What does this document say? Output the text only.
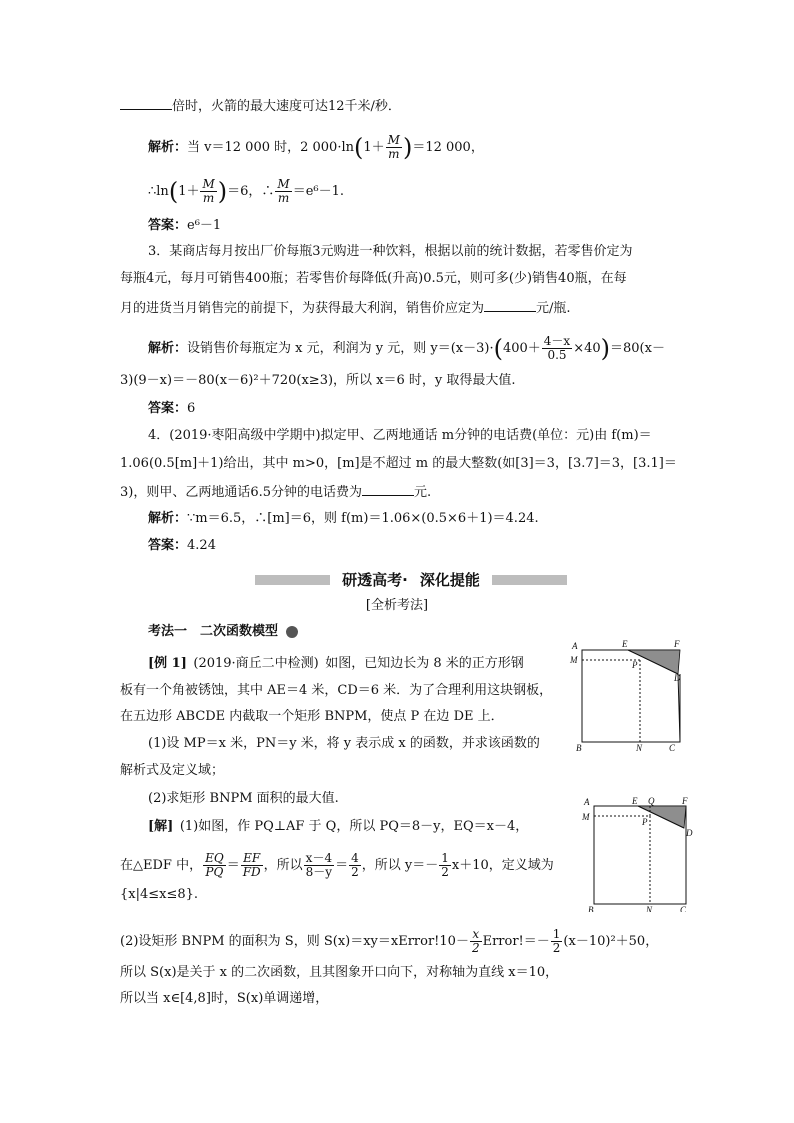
倍时，火箭的最大速度可达12千米/秒．
解析：当 v＝12 000 时，2 $000\cdot\ln(1+ \frac{M}{m} )=12$ 000，
∴ln(1＋ $\frac{M}{m} )=6$，∴ $\frac{M}{m} =e^6-1$.
答案：e⁶－1
3．某商店每月按出厂价每瓶3元购进一种饮料，根据以前的统计数据，若零售价定为
每瓶4元，每月可销售400瓶；若零售价每降低(升高)0.5元，则可多(少)销售40瓶，在每
月的进货当月销售完的前提下，为获得最大利润，销售价应定为	元/瓶.
解析：设销售价每瓶定为 x 元，利润为 y 元，则 $y=(x-3)\cdot(400+ \frac{4-x}{0.5} \times 40)=80(x-$
3)(9－x)＝－80(x－6)²＋720(x≥3)，所以 x＝6 时，y 取得最大值.
答案：6
4．(2019·枣阳高级中学期中)拟定甲、乙两地通话 m分钟的电话费(单位：元)由 f(m)＝
1.06(0.5[m]＋1)给出，其中 m>0，[m]是不超过 m 的最大整数(如[3]＝3，[3.7]＝3，[3.1]＝
3)，则甲、乙两地通话6.5分钟的电话费为	元.
解析：∵m＝6.5，∴[m]＝6，则 f(m)＝1.06×(0.5×6＋1)＝4.24.
答案：4.24
研透高考· 深化提能
[全析考法]
考法一  二次函数模型
[例 1]  (2019·商丘二中检测)  如图，已知边长为 8 米的正方形钢
板有一个角被锈蚀，其中 AE＝4 米，CD＝6 米．为了合理利用这块钢板，
在五边形 ABCDE 内截取一个矩形 BNPM，使点 P 在边 DE 上．
(1)设 MP＝x 米，PN＝y 米，将 y 表示成 x 的函数，并求该函数的
解析式及定义域；
(2)求矩形 BNPM 面积的最大值.
[解]  (1)如图，作 PQ⊥AF 于 Q，所以 PQ＝8－y，EQ＝x－4，
在△EDF 中， $\frac{EQ}{PQ} = \frac{EF}{FD}$ ，所以 $\frac{x-4}{8-y} = \frac{4}{2}$ ，所以 $y=- \frac{1}{2} x+10$，定义域为
{x|4≤x≤8}.
(2)设矩形 BNPM 的面积为 S，则 S(x)＝xy＝xError!10－ $\frac{x}{2}$ Error!＝－ $\frac{1}{2} (x-10)^2+50$，
所以 S(x)是关于 x 的二次函数，且其图象开口向下，对称轴为直线 x＝10，
所以当 x∈[4,8]时，S(x)单调递增，
A	E	F
M	P
D
B	N	C
A	E Q	F
M	P
D
B	N	C
